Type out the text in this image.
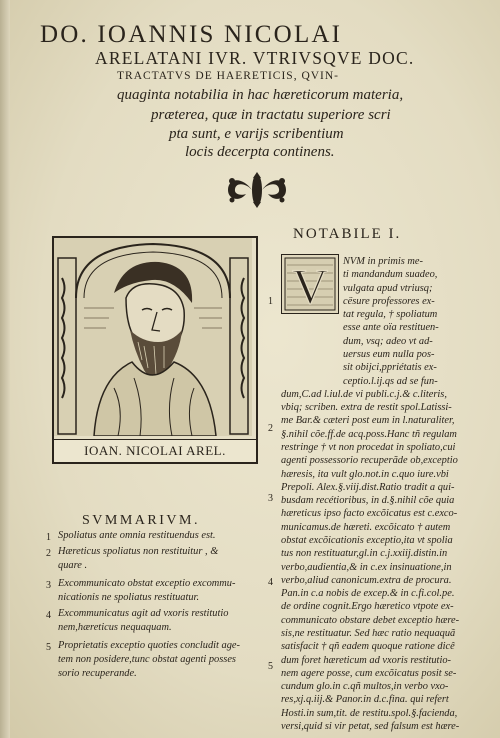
DO. IOANNIS NICOLAI
ARELATANI IVR. VTRIVSQVE DOC.
TRACTATVS DE HAERETICIS, QVIN-
quaginta notabilia in hac hæreticorum materia,
præterea, quæ in tractatu superiore scri
pta sunt, e varijs scribentium
locis decerpta continens.
IOAN. NICOLAI AREL.
NOTABILE I.
V NVM in primis me-
ti mandandum suadeo,
vulgata apud vtriusq;
cësure professores ex-
tat regula, † spoliatum
esse ante oïa restituen-
dum, vsq; adeo vt ad-
uersus eum nulla pos-
sit obijci,ppriétatis ex-
ceptio.l.ij.qs ad se fun-
dum,C.ad l.iul.de vi publi.c.j.& c.literis,
vbiq; scriben. extra de restit spol.Latissi-
me Bar.& cæteri post eum in l.naturaliter,
§.nihil cõe.ff.de acq.poss.Hanc tñ regulam
restringe † vt non procedat in spoliato,cui
agenti possessorio recuperãde ob,exceptio
hæresis, ita vult glo.not.in c.quo iure.vbi
Prepoli. Alex.§.viij.dist.Ratio tradit a qui-
busdam recétioribus, in d.§.nihil cõe quia
hæreticus ipso facto excõicatus est c.exco-
municamus.de hæreti. excõicato † autem
obstat excõicationis exceptio,ita vt spolia
tus non restituatur,gl.in c.j.xxiij.distin.in
verbo,audientia,& in c.ex insinuatione,in
verbo,aliud canonicum.extra de procura.
Pan.in c.a nobis de excep.& in c.fi.col.pe.
de ordine cognit.Ergo hæretico vtpote ex-
communicato obstare debet exceptio hære-
sis,ne restituatur. Sed hæc ratio nequaquã
satisfacit † qñ eadem quoque ratione dicê
dum foret hæreticum ad vxoris restitutio-
nem agere posse, cum excõicatus posit se-
cundum glo.in c.qñ multos,in verbo vxo-
res,xj.q.iij.& Panor.in d.c.fina. qui refert
Hosti.in sum,tit. de restitu.spol.§.facienda,
versi,quid si vir petat, sed falsum est hære-
1
2
3
4
5
SVMMARIVM.
1 Spoliatus ante omnia restituendus est.
2 Hæreticus spoliatus non restituitur , &
quare .
3 Excommunicato obstat exceptio excommu-
nicationis ne spoliatus restituatur.
4 Excommunicatus agit ad vxoris restitutio
nem,hæreticus nequaquam.
5 Proprietatis exceptio quoties concludit age-
tem non posidere,tunc obstat agenti posses
sorio recuperande.
